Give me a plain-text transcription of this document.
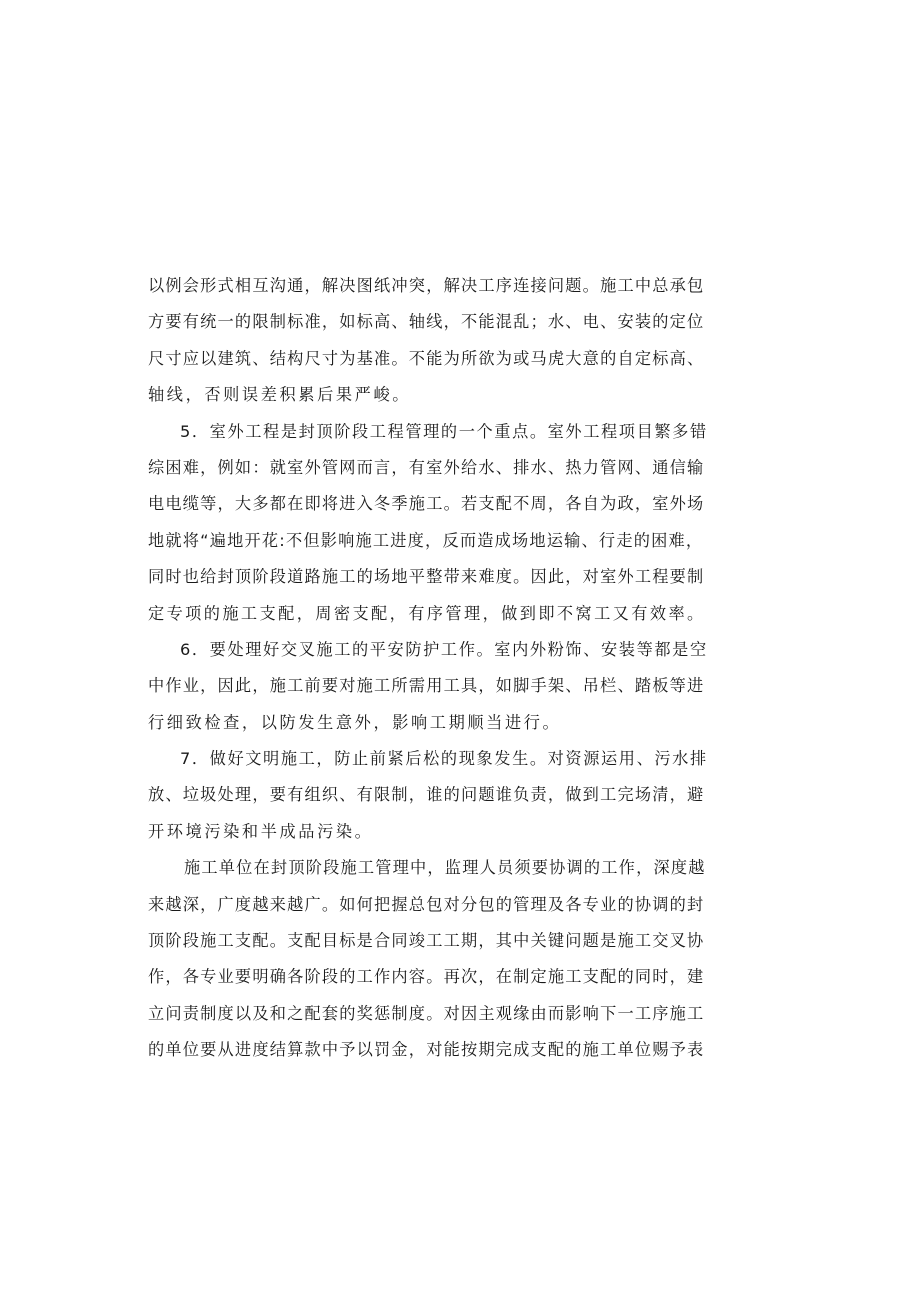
以例会形式相互沟通，解决图纸冲突，解决工序连接问题。施工中总承包
方要有统一的限制标准，如标高、轴线，不能混乱；水、电、安装的定位
尺寸应以建筑、结构尺寸为基准。不能为所欲为或马虎大意的自定标高、
轴线，否则误差积累后果严峻。
5．室外工程是封顶阶段工程管理的一个重点。室外工程项目繁多错
综困难，例如：就室外管网而言，有室外给水、排水、热力管网、通信输
电电缆等，大多都在即将进入冬季施工。若支配不周，各自为政，室外场
地就将“遍地开花:不但影响施工进度，反而造成场地运输、行走的困难，
同时也给封顶阶段道路施工的场地平整带来难度。因此，对室外工程要制
定专项的施工支配，周密支配，有序管理，做到即不窝工又有效率。
6．要处理好交叉施工的平安防护工作。室内外粉饰、安装等都是空
中作业，因此，施工前要对施工所需用工具，如脚手架、吊栏、踏板等进
行细致检查，以防发生意外，影响工期顺当进行。
7．做好文明施工，防止前紧后松的现象发生。对资源运用、污水排
放、垃圾处理，要有组织、有限制，谁的问题谁负责，做到工完场清，避
开环境污染和半成品污染。
施工单位在封顶阶段施工管理中，监理人员须要协调的工作，深度越
来越深，广度越来越广。如何把握总包对分包的管理及各专业的协调的封
顶阶段施工支配。支配目标是合同竣工工期，其中关键问题是施工交叉协
作，各专业要明确各阶段的工作内容。再次，在制定施工支配的同时，建
立问责制度以及和之配套的奖惩制度。对因主观缘由而影响下一工序施工
的单位要从进度结算款中予以罚金，对能按期完成支配的施工单位赐予表
